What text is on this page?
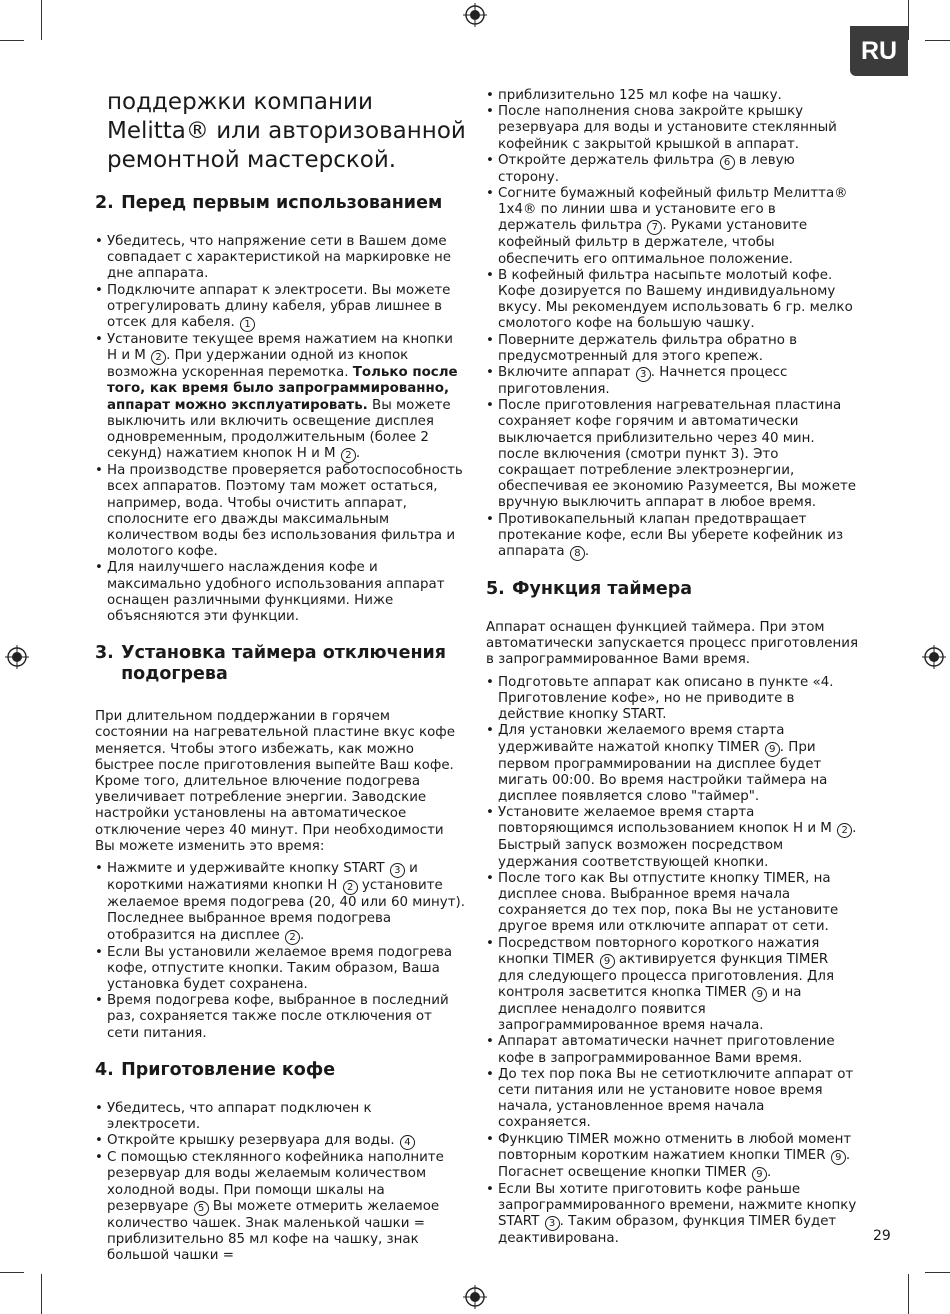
RU
поддержки компании Melitta® или авторизованной ремонтной мастерской.
2. Перед первым использованием
• Убедитесь, что напряжение сети в Вашем доме совпадает с характеристикой на маркировке не дне аппарата.
• Подключите аппарат к электросети. Вы можете отрегулировать длину кабеля, убрав лишнее в отсек для кабеля. 1
• Установите текущее время нажатием на кнопки H и M 2 . При удержании одной из кнопок возможна ускоренная перемотка. Только после того, как время было запрограммированно, аппарат можно эксплуатировать. Вы можете выключить или включить освещение дисплея одновременным, продолжительным (более 2 секунд) нажатием кнопок H и M 2 .
• На производстве проверяется работоспособность всех аппаратов. Поэтому там может остаться, например, вода. Чтобы очистить аппарат, сполосните его дважды максимальным количеством воды без использования фильтра и молотого кофе.
• Для наилучшего наслаждения кофе и максимально удобного использования аппарат оснащен различными функциями. Ниже объясняются эти функции.
3. Установка таймера отключения подогрева

При длительном поддержании в горячем состоянии на нагревательной пластине вкус кофе меняется. Чтобы этого избежать, как можно быстрее после приготовления выпейте Ваш кофе. Кроме того, длительное влючение подогрева увеличивает потребление энергии. Заводские настройки установлены на автоматическое отключение через 40 минут. При необходимости Вы можете изменить это время:

• Нажмите и удерживайте кнопку START 3 и короткими нажатиями кнопки H 2 установите желаемое время подогрева (20, 40 или 60 минут). Последнее выбранное время подогрева отобразится на дисплее 2 .
• Если Вы установили желаемое время подогрева кофе, отпустите кнопки. Таким образом, Ваша установка будет сохранена.
• Время подогрева кофе, выбранное в последний раз, сохраняется также после отключения от сети питания.
4. Приготовление кофе
• Убедитесь, что аппарат подключен к электросети.
• Откройте крышку резервуара для воды. 4
• С помощью стеклянного кофейника наполните резервуар для воды желаемым количеством холодной воды. При помощи шкалы на резервуаре 5 Вы можете отмерить желаемое количество чашек. Знак маленькой чашки = приблизительно 85 мл кофе на чашку, знак большой чашки =
• приблизительно 125 мл кофе на чашку.
• После наполнения снова закройте крышку резервуара для воды и установите стеклянный кофейник с закрытой крышкой в аппарат.
• Откройте держатель фильтра 6 в левую сторону.
• Согните бумажный кофейный фильтр Мелитта® 1x4® по линии шва и установите его в держатель фильтра 7 . Руками установите кофейный фильтр в держателе, чтобы обеспечить его оптимальное положение.
• В кофейный фильтра насыпьте молотый кофе. Кофе дозируется по Вашему индивидуальному вкусу. Мы рекомендуем использовать 6 гр. мелко смолотого кофе на большую чашку.
• Поверните держатель фильтра обратно в предусмотренный для этого крепеж.
• Включите аппарат 3 . Начнется процесс приготовления.
• После приготовления нагревательная пластина сохраняет кофе горячим и автоматически выключается приблизительно через 40 мин. после включения (смотри пункт 3). Это сокращает потребление электроэнергии, обеспечивая ее экономию Разумеется, Вы можете вручную выключить аппарат в любое время.
• Противокапельный клапан предотвращает протекание кофе, если Вы уберете кофейник из аппарата 8 .
5. Функция таймера

Аппарат оснащен функцией таймера. При этом автоматически запускается процесс приготовления в запрограммированное Вами время.

• Подготовьте аппарат как описано в пункте «4. Приготовление кофе», но не приводите в действие кнопку START.
• Для установки желаемого время старта удерживайте нажатой кнопку TIMER 9 . При первом программировании на дисплее будет мигать 00:00. Во время настройки таймера на дисплее появляется слово "таймер".
• Установите желаемое время старта повторяющимся использованием кнопок H и M 2 . Быстрый запуск возможен посредством удержания соответствующей кнопки.
• После того как Вы отпустите кнопку TIMER, на дисплее снова. Выбранное время начала сохраняется до тех пор, пока Вы не установите другое время или отключите аппарат от сети.
• Посредством повторного короткого нажатия кнопки TIMER 9 активируется функция TIMER для следующего процесса приготовления. Для контроля засветится кнопка TIMER 9 и на дисплее ненадолго появится запрограммированное время начала.
• Аппарат автоматически начнет приготовление кофе в запрограммированное Вами время.
• До тех пор пока Вы не сетиотключите аппарат от сети питания или не установите новое время начала, установленное время начала сохраняется.
• Функцию TIMER можно отменить в любой момент повторным коротким нажатием кнопки TIMER 9 . Погаснет освещение кнопки TIMER 9 .
• Если Вы хотите приготовить кофе раньше запрограммированного времени, нажмите кнопку START 3 . Таким образом, функция TIMER будет деактивирована.	29
